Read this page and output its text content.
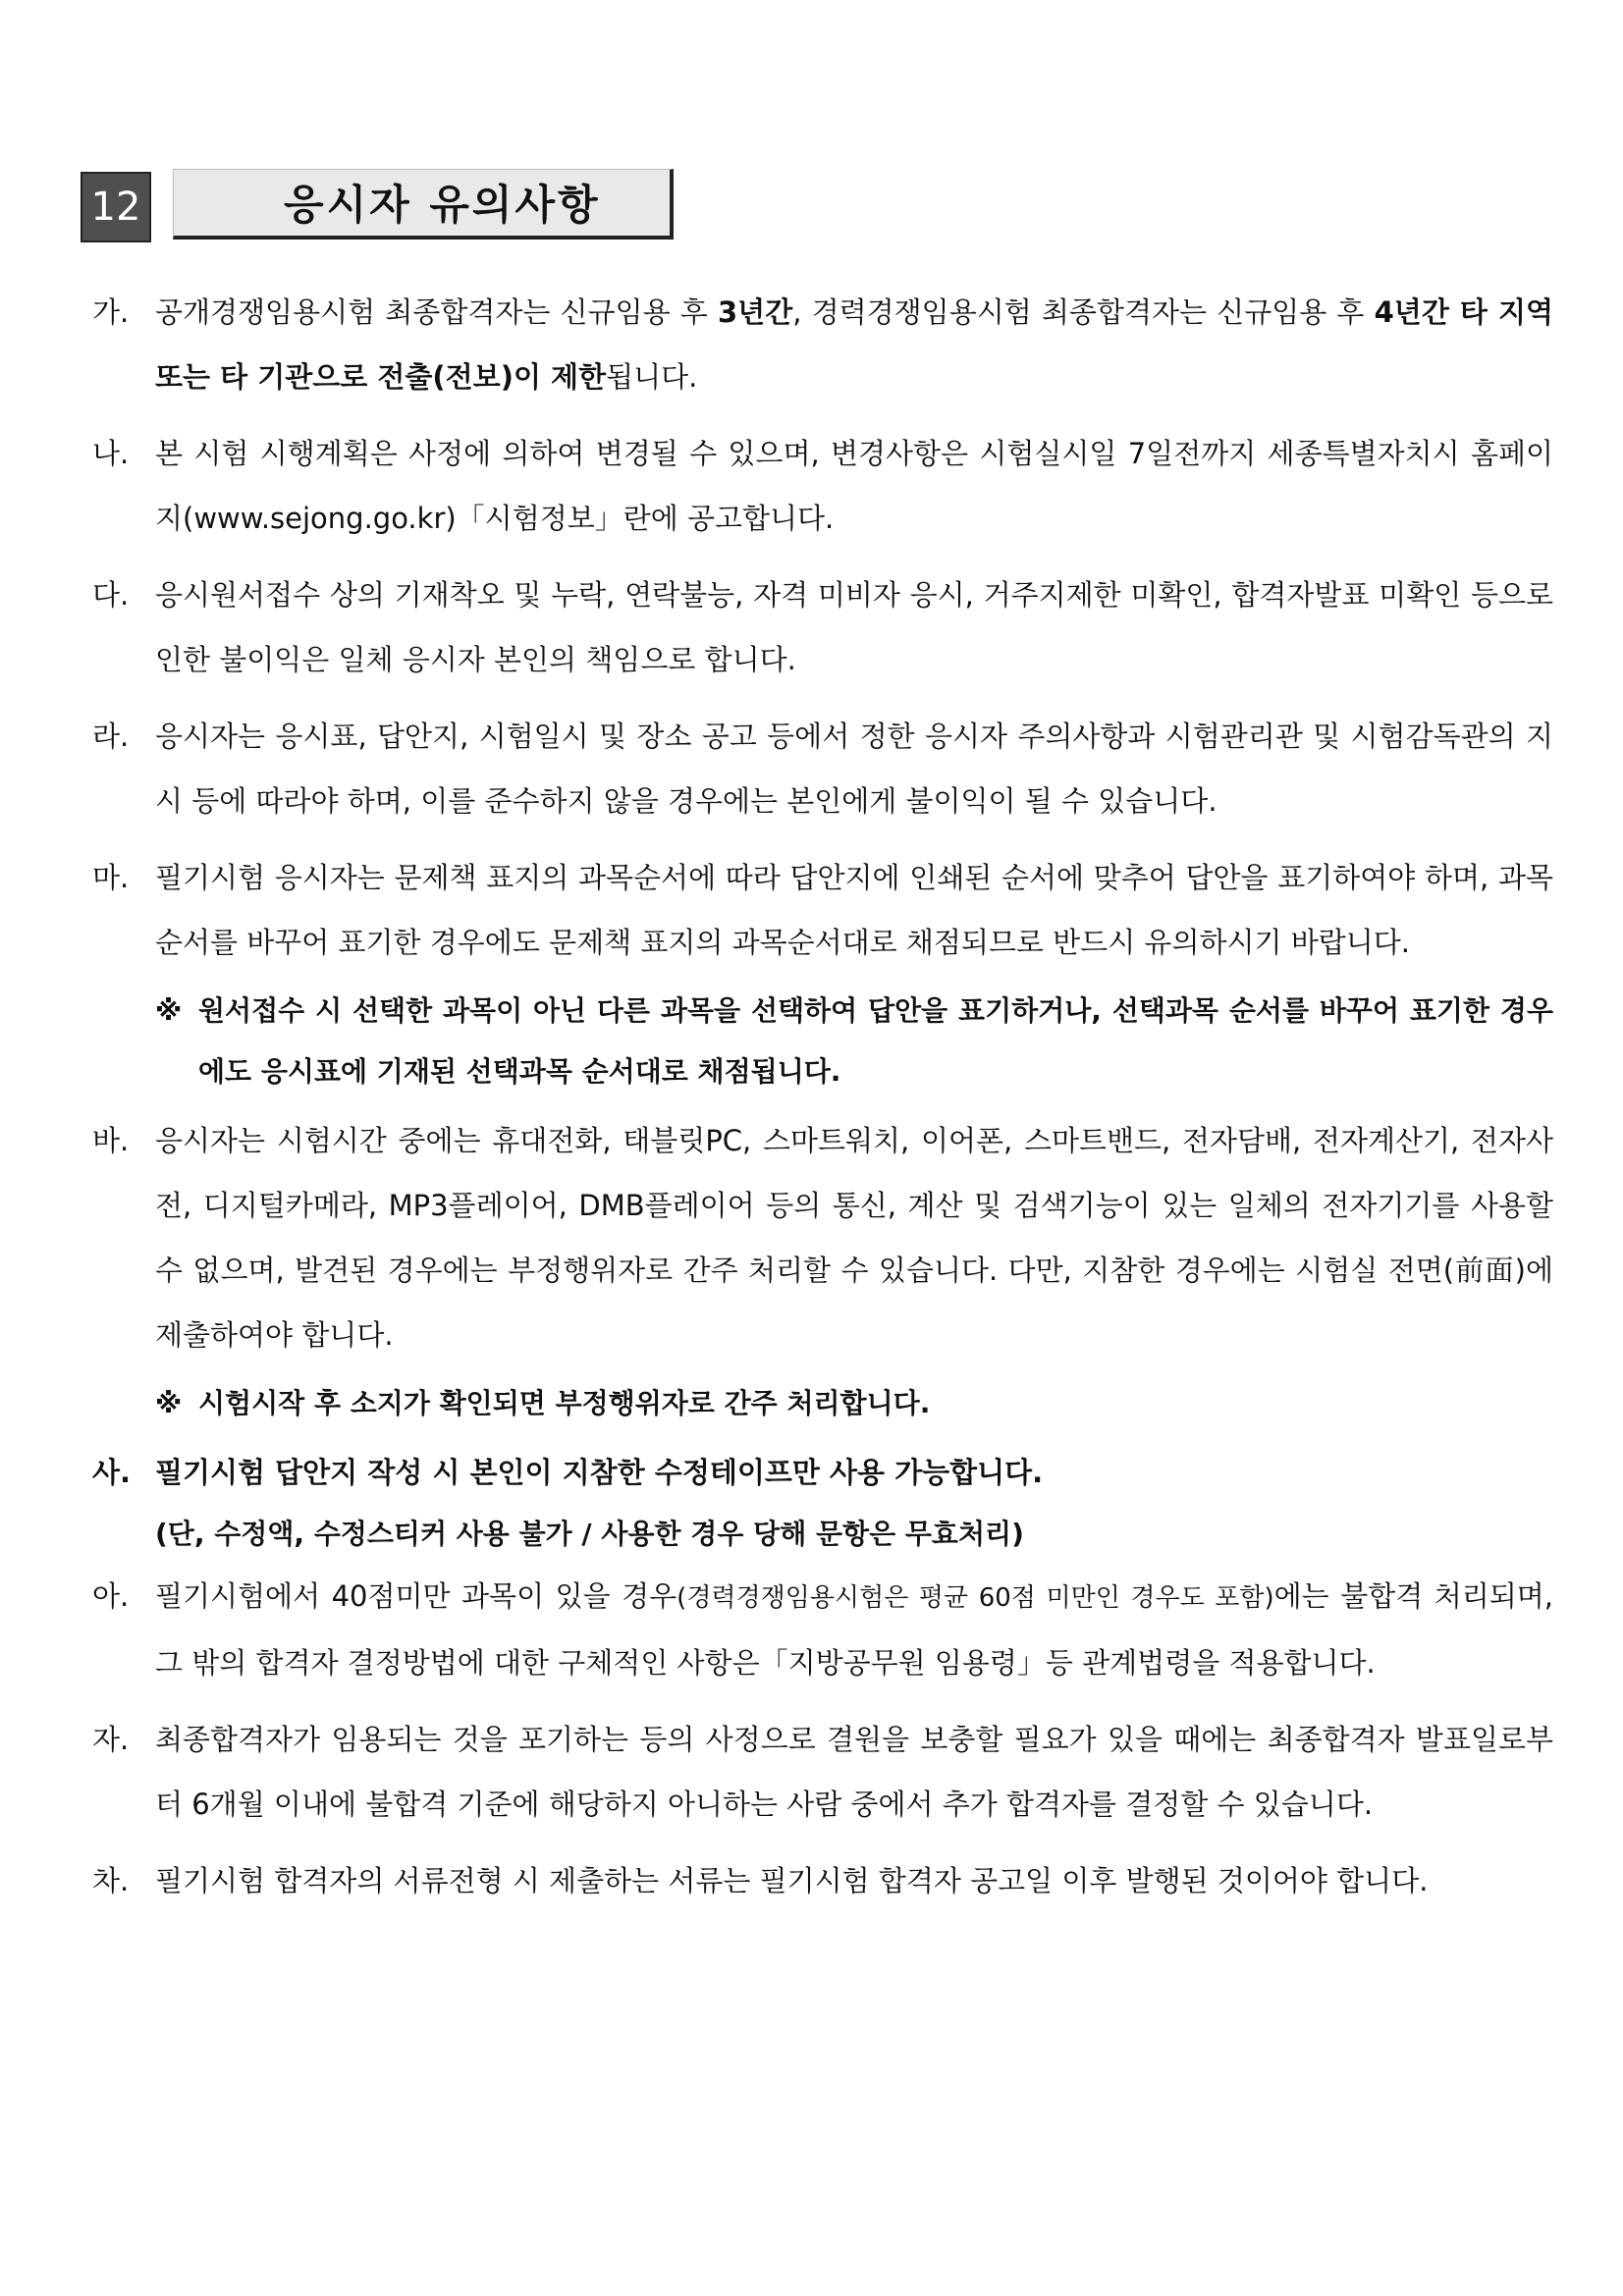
12	응시자 유의사항
가. 공개경쟁임용시험 최종합격자는 신규임용 후 3년간, 경력경쟁임용시험 최종합격자는 신규임용 후 4년간 타 지역 또는 타 기관으로 전출(전보)이 제한됩니다.

나. 본 시험 시행계획은 사정에 의하여 변경될 수 있으며, 변경사항은 시험실시일 7일전까지 세종특별자치시 홈페이지(www.sejong.go.kr)「시험정보」란에 공고합니다.

다. 응시원서접수 상의 기재착오 및 누락, 연락불능, 자격 미비자 응시, 거주지제한 미확인, 합격자발표 미확인 등으로 인한 불이익은 일체 응시자 본인의 책임으로 합니다.

라. 응시자는 응시표, 답안지, 시험일시 및 장소 공고 등에서 정한 응시자 주의사항과 시험관리관 및 시험감독관의 지시 등에 따라야 하며, 이를 준수하지 않을 경우에는 본인에게 불이익이 될 수 있습니다.

마. 필기시험 응시자는 문제책 표지의 과목순서에 따라 답안지에 인쇄된 순서에 맞추어 답안을 표기하여야 하며, 과목순서를 바꾸어 표기한 경우에도 문제책 표지의 과목순서대로 채점되므로 반드시 유의하시기 바랍니다.

※ 원서접수 시 선택한 과목이 아닌 다른 과목을 선택하여 답안을 표기하거나, 선택과목 순서를 바꾸어 표기한 경우에도 응시표에 기재된 선택과목 순서대로 채점됩니다.

바. 응시자는 시험시간 중에는 휴대전화, 태블릿PC, 스마트워치, 이어폰, 스마트밴드, 전자담배, 전자계산기, 전자사전, 디지털카메라, MP3플레이어, DMB플레이어 등의 통신, 계산 및 검색기능이 있는 일체의 전자기기를 사용할 수 없으며, 발견된 경우에는 부정행위자로 간주 처리할 수 있습니다. 다만, 지참한 경우에는 시험실 전면(前面)에 제출하여야 합니다.

※ 시험시작 후 소지가 확인되면 부정행위자로 간주 처리합니다.

사. 필기시험 답안지 작성 시 본인이 지참한 수정테이프만 사용 가능합니다.

(단, 수정액, 수정스티커 사용 불가 / 사용한 경우 당해 문항은 무효처리)

아. 필기시험에서 40점미만 과목이 있을 경우(경력경쟁임용시험은 평균 60점 미만인 경우도 포함)에는 불합격 처리되며, 그 밖의 합격자 결정방법에 대한 구체적인 사항은「지방공무원 임용령」등 관계법령을 적용합니다.

자. 최종합격자가 임용되는 것을 포기하는 등의 사정으로 결원을 보충할 필요가 있을 때에는 최종합격자 발표일로부터 6개월 이내에 불합격 기준에 해당하지 아니하는 사람 중에서 추가 합격자를 결정할 수 있습니다.

차. 필기시험 합격자의 서류전형 시 제출하는 서류는 필기시험 합격자 공고일 이후 발행된 것이어야 합니다.
